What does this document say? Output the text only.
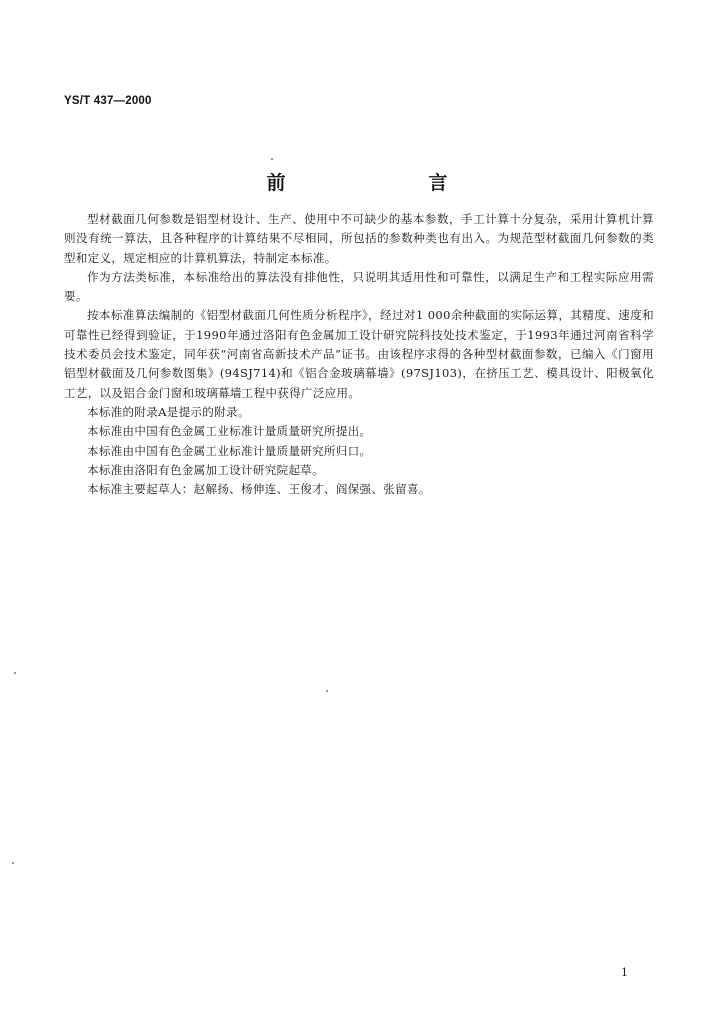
YS/T 437—2000
前　言

型材截面几何参数是铝型材设计、生产、使用中不可缺少的基本参数，手工计算十分复杂，采用计算机计算则没有统一算法，且各种程序的计算结果不尽相同，所包括的参数种类也有出入。为规范型材截面几何参数的类型和定义，规定相应的计算机算法，特制定本标准。

作为方法类标准，本标准给出的算法没有排他性，只说明其适用性和可靠性，以满足生产和工程实际应用需要。

按本标准算法编制的《铝型材截面几何性质分析程序》，经过对1 000余种截面的实际运算，其精度、速度和可靠性已经得到验证，于1990年通过洛阳有色金属加工设计研究院科技处技术鉴定，于1993年通过河南省科学技术委员会技术鉴定，同年获“河南省高新技术产品”证书。由该程序求得的各种型材截面参数，已编入《门窗用铝型材截面及几何参数图集》(94SJ714)和《铝合金玻璃幕墙》(97SJ103)，在挤压工艺、模具设计、阳极氧化工艺，以及铝合金门窗和玻璃幕墙工程中获得广泛应用。

本标准的附录A是提示的附录。

本标准由中国有色金属工业标准计量质量研究所提出。

本标准由中国有色金属工业标准计量质量研究所归口。

本标准由洛阳有色金属加工设计研究院起草。

本标准主要起草人：赵解扬、杨伸连、王俊才、阎保强、张留喜。

1
